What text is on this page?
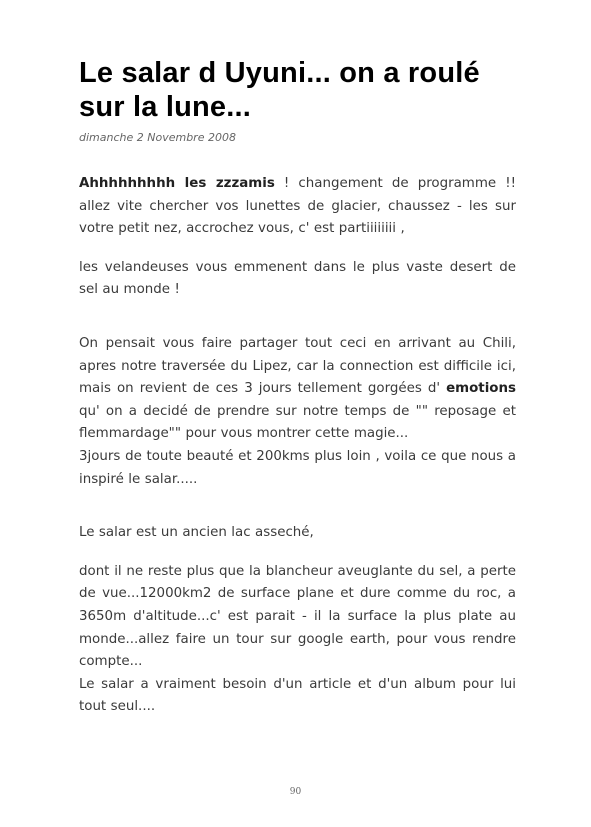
Le salar d Uyuni... on a roulé sur la lune...

dimanche 2 Novembre 2008

Ahhhhhhhhh les zzzamis ! changement de programme !! allez vite chercher vos lunettes de glacier, chaussez - les sur votre petit nez, accrochez vous, c' est partiiiiiiii ,

les velandeuses vous emmenent dans le plus vaste desert de sel au monde !

On pensait vous faire partager tout ceci en arrivant au Chili, apres notre traversée du Lipez, car la connection est difficile ici, mais on revient de ces 3 jours tellement gorgées d' emotions qu' on a decidé de prendre sur notre temps de "" reposage et flemmardage"" pour vous montrer cette magie...

3jours de toute beauté et 200kms plus loin , voila ce que nous a inspiré le salar.....

Le salar est un ancien lac asseché,

dont il ne reste plus que la blancheur aveuglante du sel, a perte de vue...12000km2 de surface plane et dure comme du roc, a 3650m d'altitude...c' est parait - il la surface la plus plate au monde...allez faire un tour sur google earth, pour vous rendre compte...

Le salar a vraiment besoin d'un article et d'un album pour lui tout seul....

90
